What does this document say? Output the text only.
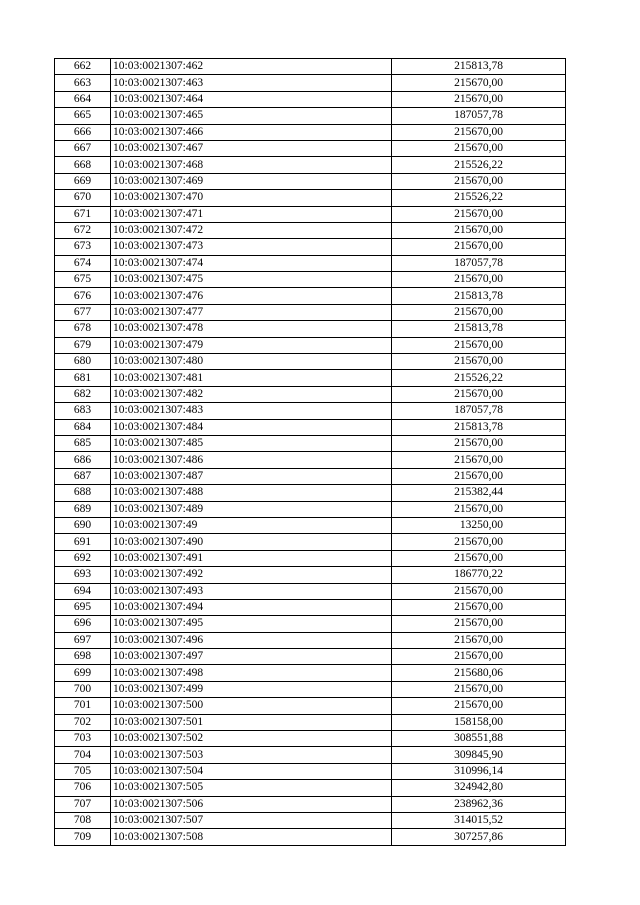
662	10:03:0021307:462	215813,78
663	10:03:0021307:463	215670,00
664	10:03:0021307:464	215670,00
665	10:03:0021307:465	187057,78
666	10:03:0021307:466	215670,00
667	10:03:0021307:467	215670,00
668	10:03:0021307:468	215526,22
669	10:03:0021307:469	215670,00
670	10:03:0021307:470	215526,22
671	10:03:0021307:471	215670,00
672	10:03:0021307:472	215670,00
673	10:03:0021307:473	215670,00
674	10:03:0021307:474	187057,78
675	10:03:0021307:475	215670,00
676	10:03:0021307:476	215813,78
677	10:03:0021307:477	215670,00
678	10:03:0021307:478	215813,78
679	10:03:0021307:479	215670,00
680	10:03:0021307:480	215670,00
681	10:03:0021307:481	215526,22
682	10:03:0021307:482	215670,00
683	10:03:0021307:483	187057,78
684	10:03:0021307:484	215813,78
685	10:03:0021307:485	215670,00
686	10:03:0021307:486	215670,00
687	10:03:0021307:487	215670,00
688	10:03:0021307:488	215382,44
689	10:03:0021307:489	215670,00
690	10:03:0021307:49	13250,00
691	10:03:0021307:490	215670,00
692	10:03:0021307:491	215670,00
693	10:03:0021307:492	186770,22
694	10:03:0021307:493	215670,00
695	10:03:0021307:494	215670,00
696	10:03:0021307:495	215670,00
697	10:03:0021307:496	215670,00
698	10:03:0021307:497	215670,00
699	10:03:0021307:498	215680,06
700	10:03:0021307:499	215670,00
701	10:03:0021307:500	215670,00
702	10:03:0021307:501	158158,00
703	10:03:0021307:502	308551,88
704	10:03:0021307:503	309845,90
705	10:03:0021307:504	310996,14
706	10:03:0021307:505	324942,80
707	10:03:0021307:506	238962,36
708	10:03:0021307:507	314015,52
709	10:03:0021307:508	307257,86
